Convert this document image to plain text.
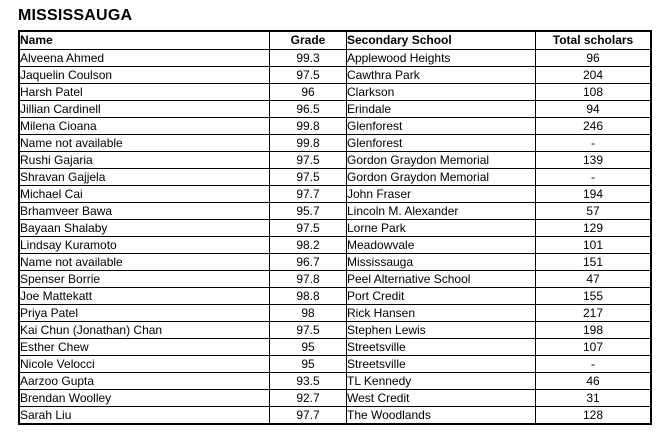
MISSISSAUGA
Name	Grade	Secondary School	Total scholars
Alveena Ahmed	99.3	Applewood Heights	96
Jaquelin Coulson	97.5	Cawthra Park	204
Harsh Patel	96	Clarkson	108
Jillian Cardinell	96.5	Erindale	94
Milena Cioana	99.8	Glenforest	246
Name not available	99.8	Glenforest	-
Rushi Gajaria	97.5	Gordon Graydon Memorial	139
Shravan Gajjela	97.5	Gordon Graydon Memorial	-
Michael Cai	97.7	John Fraser	194
Brhamveer Bawa	95.7	Lincoln M. Alexander	57
Bayaan Shalaby	97.5	Lorne Park	129
Lindsay Kuramoto	98.2	Meadowvale	101
Name not available	96.7	Mississauga	151
Spenser Borrie	97.8	Peel Alternative School	47
Joe Mattekatt	98.8	Port Credit	155
Priya Patel	98	Rick Hansen	217
Kai Chun (Jonathan) Chan	97.5	Stephen Lewis	198
Esther Chew	95	Streetsville	107
Nicole Velocci	95	Streetsville	-
Aarzoo Gupta	93.5	TL Kennedy	46
Brendan Woolley	92.7	West Credit	31
Sarah Liu	97.7	The Woodlands	128
